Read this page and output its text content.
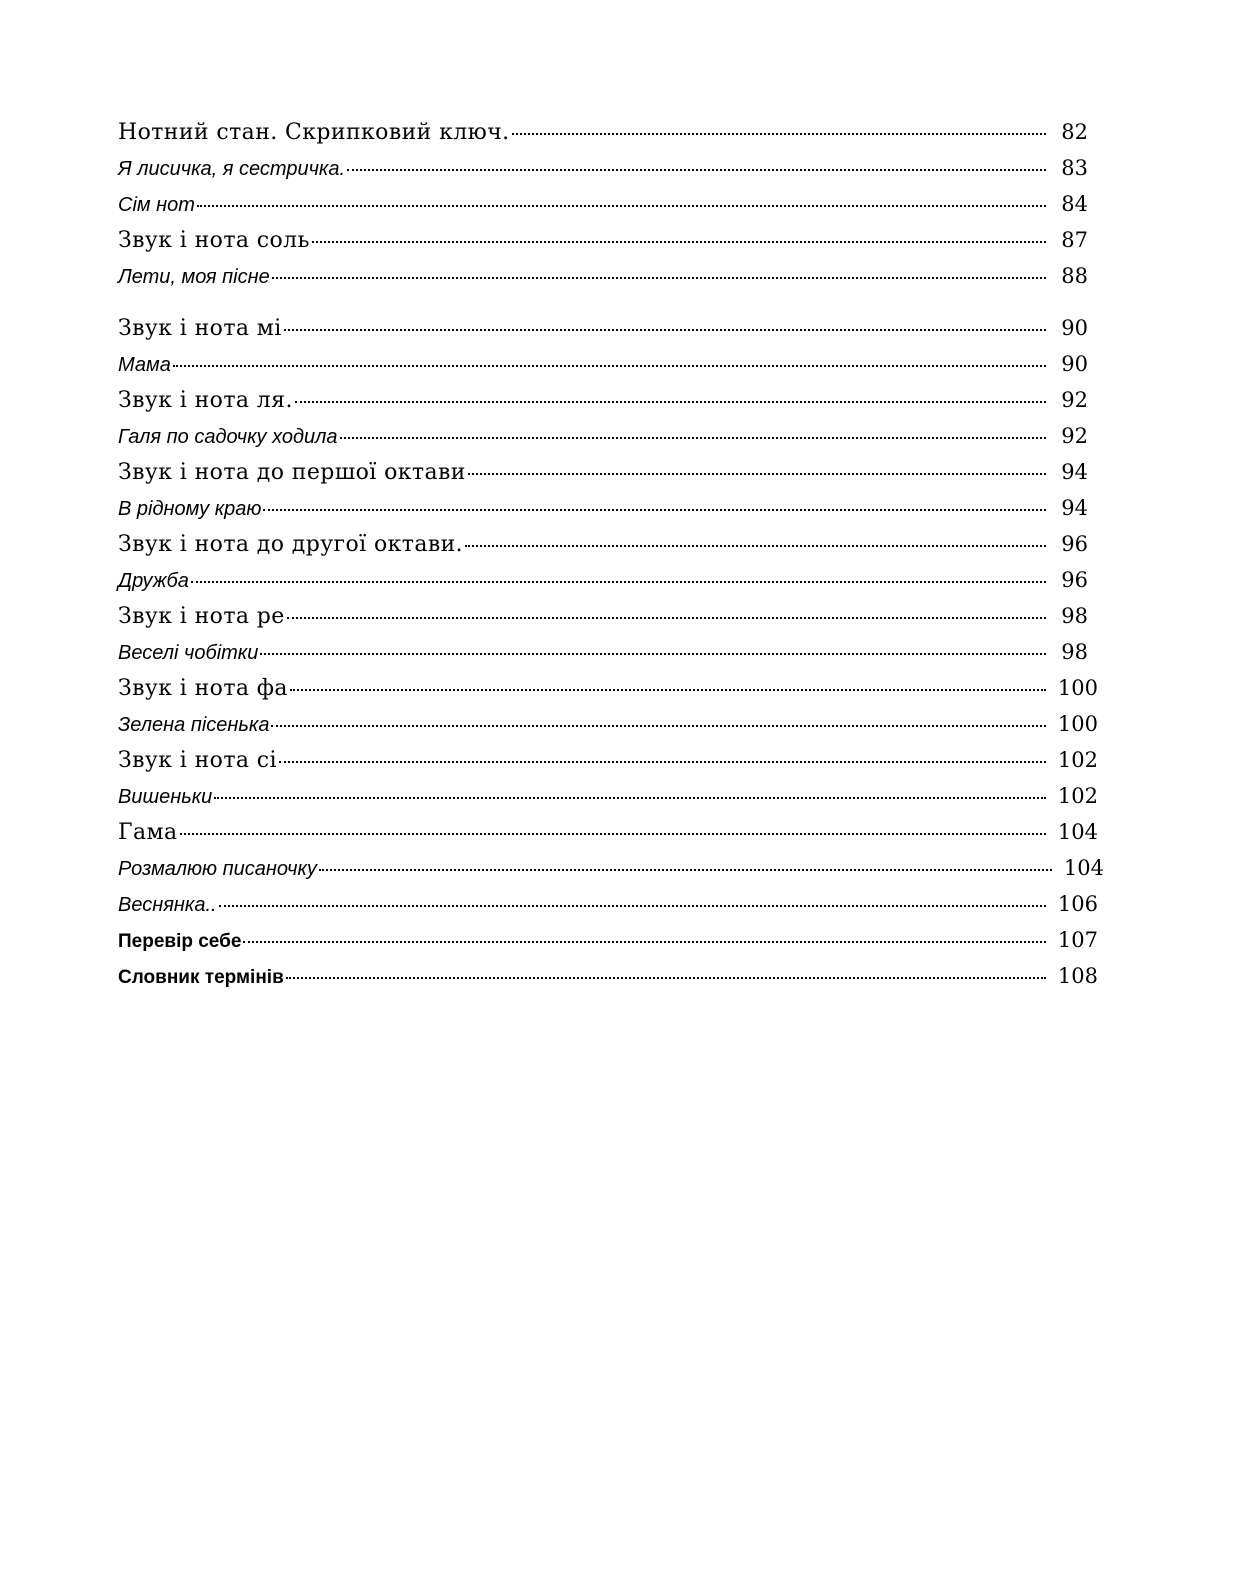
Нотний стан. Скрипковий ключ.	82
Я лисичка, я сестричка.	83
Сім нот	84
Звук і нота соль	87
Лети, моя пісне	88
Звук і нота мі	90
Мама	90
Звук і нота ля.	92
Галя по садочку ходила	92
Звук і нота до першої октави	94
В рідному краю	94
Звук і нота до другої октави.	96
Дружба	96
Звук і нота ре	98
Веселі чобітки	98
Звук і нота фа	100
Зелена пісенька	100
Звук і нота сі	102
Вишеньки	102
Гама	104
Розмалюю писаночку	104
Веснянка..	106
Перевір себе	107
Словник термінів	108
